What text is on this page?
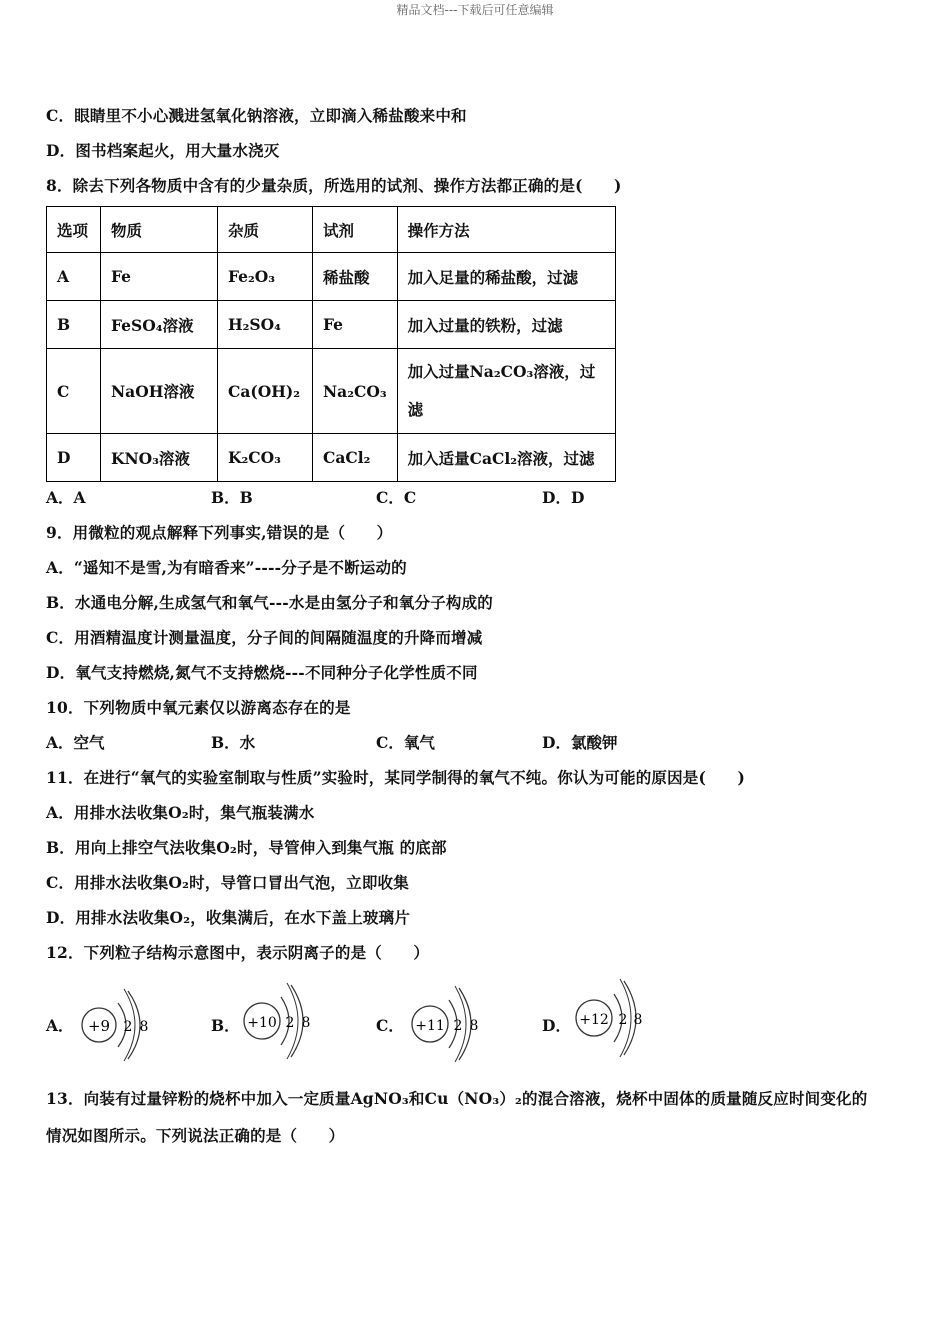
精品文档---下载后可任意编辑
C．眼睛里不小心溅进氢氧化钠溶液，立即滴入稀盐酸来中和
D．图书档案起火，用大量水浇灭
8．除去下列各物质中含有的少量杂质，所选用的试剂、操作方法都正确的是(　　)
选项	物质	杂质	试剂	操作方法
A	Fe	Fe₂O₃	稀盐酸	加入足量的稀盐酸，过滤
B	FeSO₄溶液	H₂SO₄	Fe	加入过量的铁粉，过滤
C	NaOH溶液	Ca(OH)₂	Na₂CO₃	加入过量Na₂CO₃溶液，过
滤
D	KNO₃溶液	K₂CO₃	CaCl₂	加入适量CaCl₂溶液，过滤
A．A	B．B	C．C	D．D
9．用微粒的观点解释下列事实,错误的是（　　）
A．“遥知不是雪,为有暗香来”----分子是不断运动的
B．水通电分解,生成氢气和氧气---水是由氢分子和氧分子构成的
C．用酒精温度计测量温度，分子间的间隔随温度的升降而增减
D．氧气支持燃烧,氮气不支持燃烧---不同种分子化学性质不同
10．下列物质中氧元素仅以游离态存在的是
A．空气	B．水	C．氧气	D．氯酸钾
11．在进行“氧气的实验室制取与性质”实验时，某同学制得的氧气不纯。你认为可能的原因是(　　)
A．用排水法收集O₂时，集气瓶装满水
B．用向上排空气法收集O₂时，导管伸入到集气瓶 的底部
C．用排水法收集O₂时，导管口冒出气泡，立即收集
D．用排水法收集O₂，收集满后，在水下盖上玻璃片
12．下列粒子结构示意图中，表示阴离子的是（　　）
A． +9 2 8	B． +10 2 8	C． +11 2 8	D． +12 2 8
13．向装有过量锌粉的烧杯中加入一定质量AgNO₃和Cu（NO₃）₂的混合溶液，烧杯中固体的质量随反应时间变化的
情况如图所示。下列说法正确的是（　　）
